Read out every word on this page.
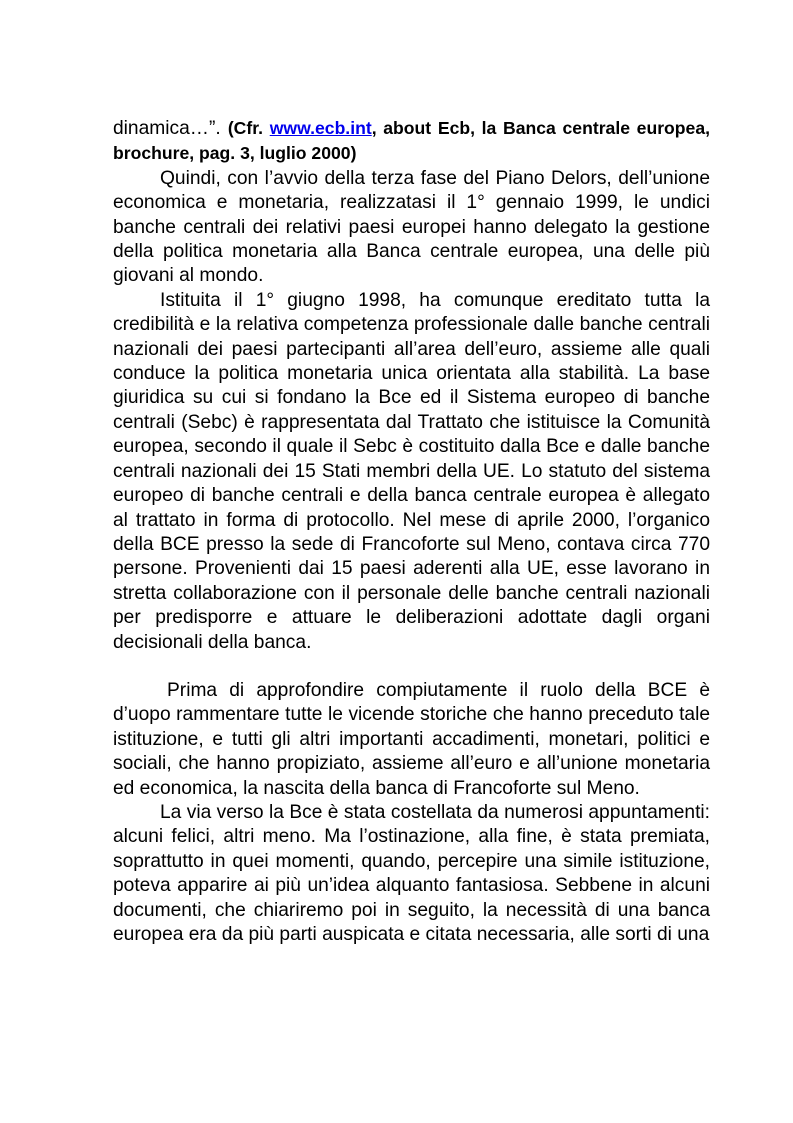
dinamica…”. (Cfr. www.ecb.int, about Ecb, la Banca centrale europea, brochure, pag. 3, luglio 2000)

Quindi, con l’avvio della terza fase del Piano Delors, dell’unione economica e monetaria, realizzatasi il 1° gennaio 1999, le undici banche centrali dei relativi paesi europei hanno delegato la gestione della politica monetaria alla Banca centrale europea, una delle più giovani al mondo.

Istituita il 1° giugno 1998, ha comunque ereditato tutta la credibilità e la relativa competenza professionale dalle banche centrali nazionali dei paesi partecipanti all’area dell’euro, assieme alle quali conduce la politica monetaria unica orientata alla stabilità. La base giuridica su cui si fondano la Bce ed il Sistema europeo di banche centrali (Sebc) è rappresentata dal Trattato che istituisce la Comunità europea, secondo il quale il Sebc è costituito dalla Bce e dalle banche centrali nazionali dei 15 Stati membri della UE. Lo statuto del sistema europeo di banche centrali e della banca centrale europea è allegato al trattato in forma di protocollo. Nel mese di aprile 2000, l’organico della BCE presso la sede di Francoforte sul Meno, contava circa 770 persone. Provenienti dai 15 paesi aderenti alla UE, esse lavorano in stretta collaborazione con il personale delle banche centrali nazionali per predisporre e attuare le deliberazioni adottate dagli organi decisionali della banca.

Prima di approfondire compiutamente il ruolo della BCE è d’uopo rammentare tutte le vicende storiche che hanno preceduto tale istituzione, e tutti gli altri importanti accadimenti, monetari, politici e sociali, che hanno propiziato, assieme all’euro e all’unione monetaria ed economica, la nascita della banca di Francoforte sul Meno.

La via verso la Bce è stata costellata da numerosi appuntamenti: alcuni felici, altri meno. Ma l’ostinazione, alla fine, è stata premiata, soprattutto in quei momenti, quando, percepire una simile istituzione, poteva apparire ai più un’idea alquanto fantasiosa. Sebbene in alcuni documenti, che chiariremo poi in seguito, la necessità di una banca europea era da più parti auspicata e citata necessaria, alle sorti di una
